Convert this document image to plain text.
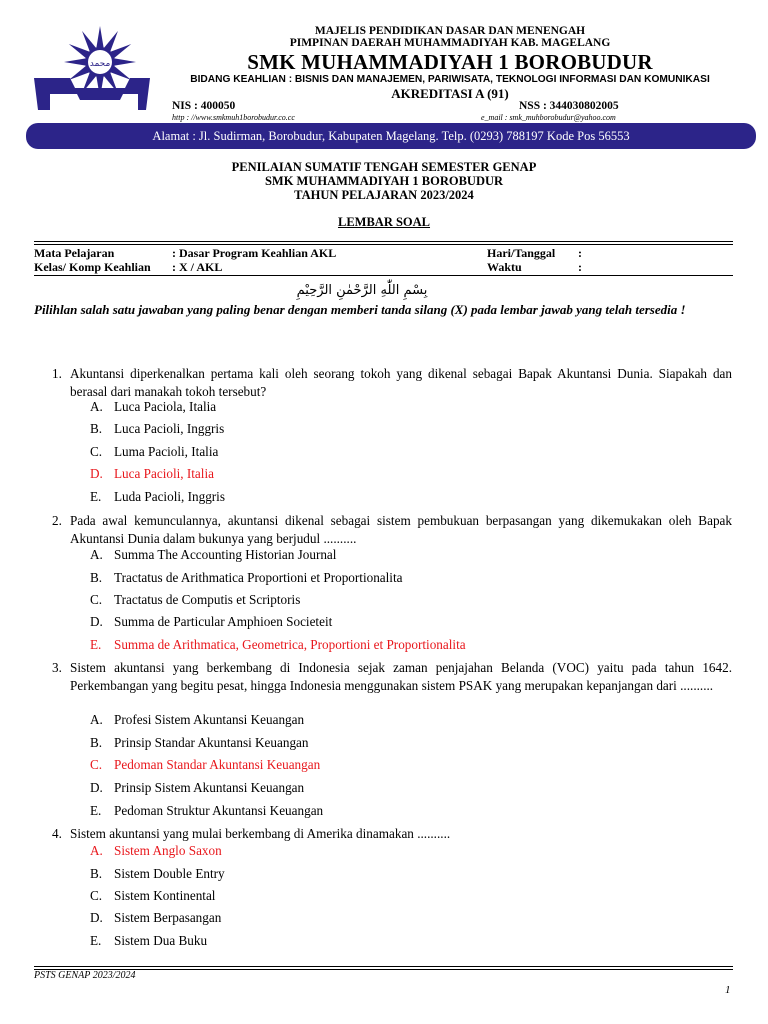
محمد
MAJELIS PENDIDIKAN DASAR DAN MENENGAH
PIMPINAN DAERAH MUHAMMADIYAH KAB. MAGELANG
SMK MUHAMMADIYAH 1 BOROBUDUR
BIDANG KEAHLIAN : BISNIS DAN MANAJEMEN, PARIWISATA, TEKNOLOGI INFORMASI DAN KOMUNIKASI
AKREDITASI A (91)
NIS : 400050	NSS : 344030802005
http : //www.smkmuh1borobudur.co.cc	e_mail : smk_muhborobudur@yahoo.com
Alamat : Jl. Sudirman, Borobudur, Kabupaten Magelang. Telp. (0293) 788197 Kode Pos 56553
PENILAIAN SUMATIF TENGAH SEMESTER GENAP
SMK MUHAMMADIYAH 1 BOROBUDUR
TAHUN PELAJARAN 2023/2024
LEMBAR SOAL
Mata Pelajaran	: Dasar Program Keahlian AKL	Hari/Tanggal :
Kelas/ Komp Keahlian : X / AKL	Waktu	:
بِسْمِ اللّٰهِ الرَّحْمٰنِ الرَّحِيْمِ
Pilihlan salah satu jawaban yang paling benar dengan memberi tanda silang (X) pada lembar jawab yang telah tersedia !
1. Akuntansi diperkenalkan pertama kali oleh seorang tokoh yang dikenal sebagai Bapak Akuntansi Dunia. Siapakah dan berasal dari manakah tokoh tersebut?
A. Luca Paciola, Italia
B. Luca Pacioli, Inggris
C. Luma Pacioli, Italia
D. Luca Pacioli, Italia
E. Luda Pacioli, Inggris
2. Pada awal kemunculannya, akuntansi dikenal sebagai sistem pembukuan berpasangan yang dikemukakan oleh Bapak Akuntansi Dunia dalam bukunya yang berjudul ..........
A. Summa The Accounting Historian Journal
B. Tractatus de Arithmatica Proportioni et Proportionalita
C. Tractatus de Computis et Scriptoris
D. Summa de Particular Amphioen Societeit
E. Summa de Arithmatica, Geometrica, Proportioni et Proportionalita
3. Sistem akuntansi yang berkembang di Indonesia sejak zaman penjajahan Belanda (VOC) yaitu pada tahun 1642. Perkembangan yang begitu pesat, hingga Indonesia menggunakan sistem PSAK yang merupakan kepanjangan dari ..........
A. Profesi Sistem Akuntansi Keuangan
B. Prinsip Standar Akuntansi Keuangan
C. Pedoman Standar Akuntansi Keuangan
D. Prinsip Sistem Akuntansi Keuangan
E. Pedoman Struktur Akuntansi Keuangan
4. Sistem akuntansi yang mulai berkembang di Amerika dinamakan ..........
A. Sistem Anglo Saxon
B. Sistem Double Entry
C. Sistem Kontinental
D. Sistem Berpasangan
E. Sistem Dua Buku
PSTS GENAP 2023/2024
1
